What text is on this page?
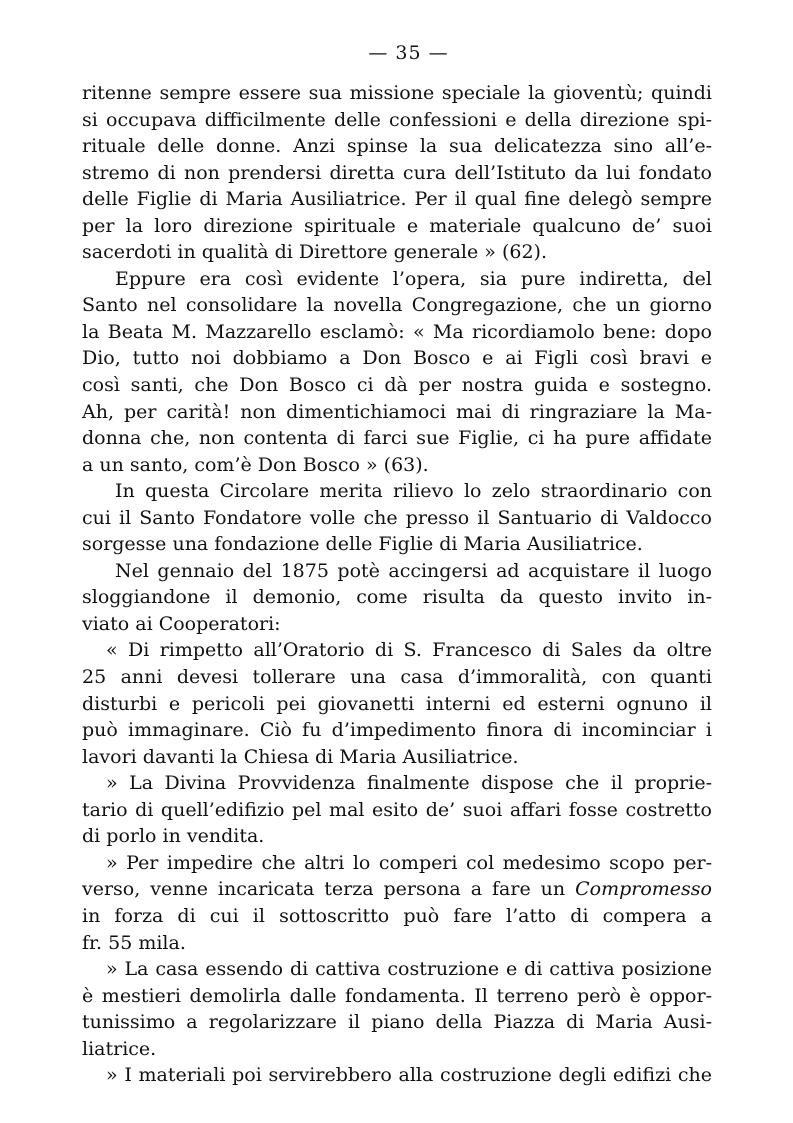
— 35 —
ritenne sempre essere sua missione speciale la gioventù; quindi
si occupava difficilmente delle confessioni e della direzione spi-
rituale delle donne. Anzi spinse la sua delicatezza sino all’e-
stremo di non prendersi diretta cura dell’Istituto da lui fondato
delle Figlie di Maria Ausiliatrice. Per il qual fine delegò sempre
per la loro direzione spirituale e materiale qualcuno de’ suoi
sacerdoti in qualità di Direttore generale » (62).
Eppure era così evidente l’opera, sia pure indiretta, del
Santo nel consolidare la novella Congregazione, che un giorno
la Beata M. Mazzarello esclamò: « Ma ricordiamolo bene: dopo
Dio, tutto noi dobbiamo a Don Bosco e ai Figli così bravi e
così santi, che Don Bosco ci dà per nostra guida e sostegno.
Ah, per carità! non dimentichiamoci mai di ringraziare la Ma-
donna che, non contenta di farci sue Figlie, ci ha pure affidate
a un santo, com’è Don Bosco » (63).
In questa Circolare merita rilievo lo zelo straordinario con
cui il Santo Fondatore volle che presso il Santuario di Valdocco
sorgesse una fondazione delle Figlie di Maria Ausiliatrice.
Nel gennaio del 1875 potè accingersi ad acquistare il luogo
sloggiandone il demonio, come risulta da questo invito in-
viato ai Cooperatori:
« Di rimpetto all’Oratorio di S. Francesco di Sales da oltre
25 anni devesi tollerare una casa d’immoralità, con quanti
disturbi e pericoli pei giovanetti interni ed esterni ognuno il
può immaginare. Ciò fu d’impedimento finora di incominciar i
lavori davanti la Chiesa di Maria Ausiliatrice.
» La Divina Provvidenza finalmente dispose che il proprie-
tario di quell’edifizio pel mal esito de’ suoi affari fosse costretto
di porlo in vendita.
» Per impedire che altri lo comperi col medesimo scopo per-
verso, venne incaricata terza persona a fare un Compromesso
in forza di cui il sottoscritto può fare l’atto di compera a
fr. 55 mila.
» La casa essendo di cattiva costruzione e di cattiva posizione
è mestieri demolirla dalle fondamenta. Il terreno però è oppor-
tunissimo a regolarizzare il piano della Piazza di Maria Ausi-
liatrice.
» I materiali poi servirebbero alla costruzione degli edifizi che
